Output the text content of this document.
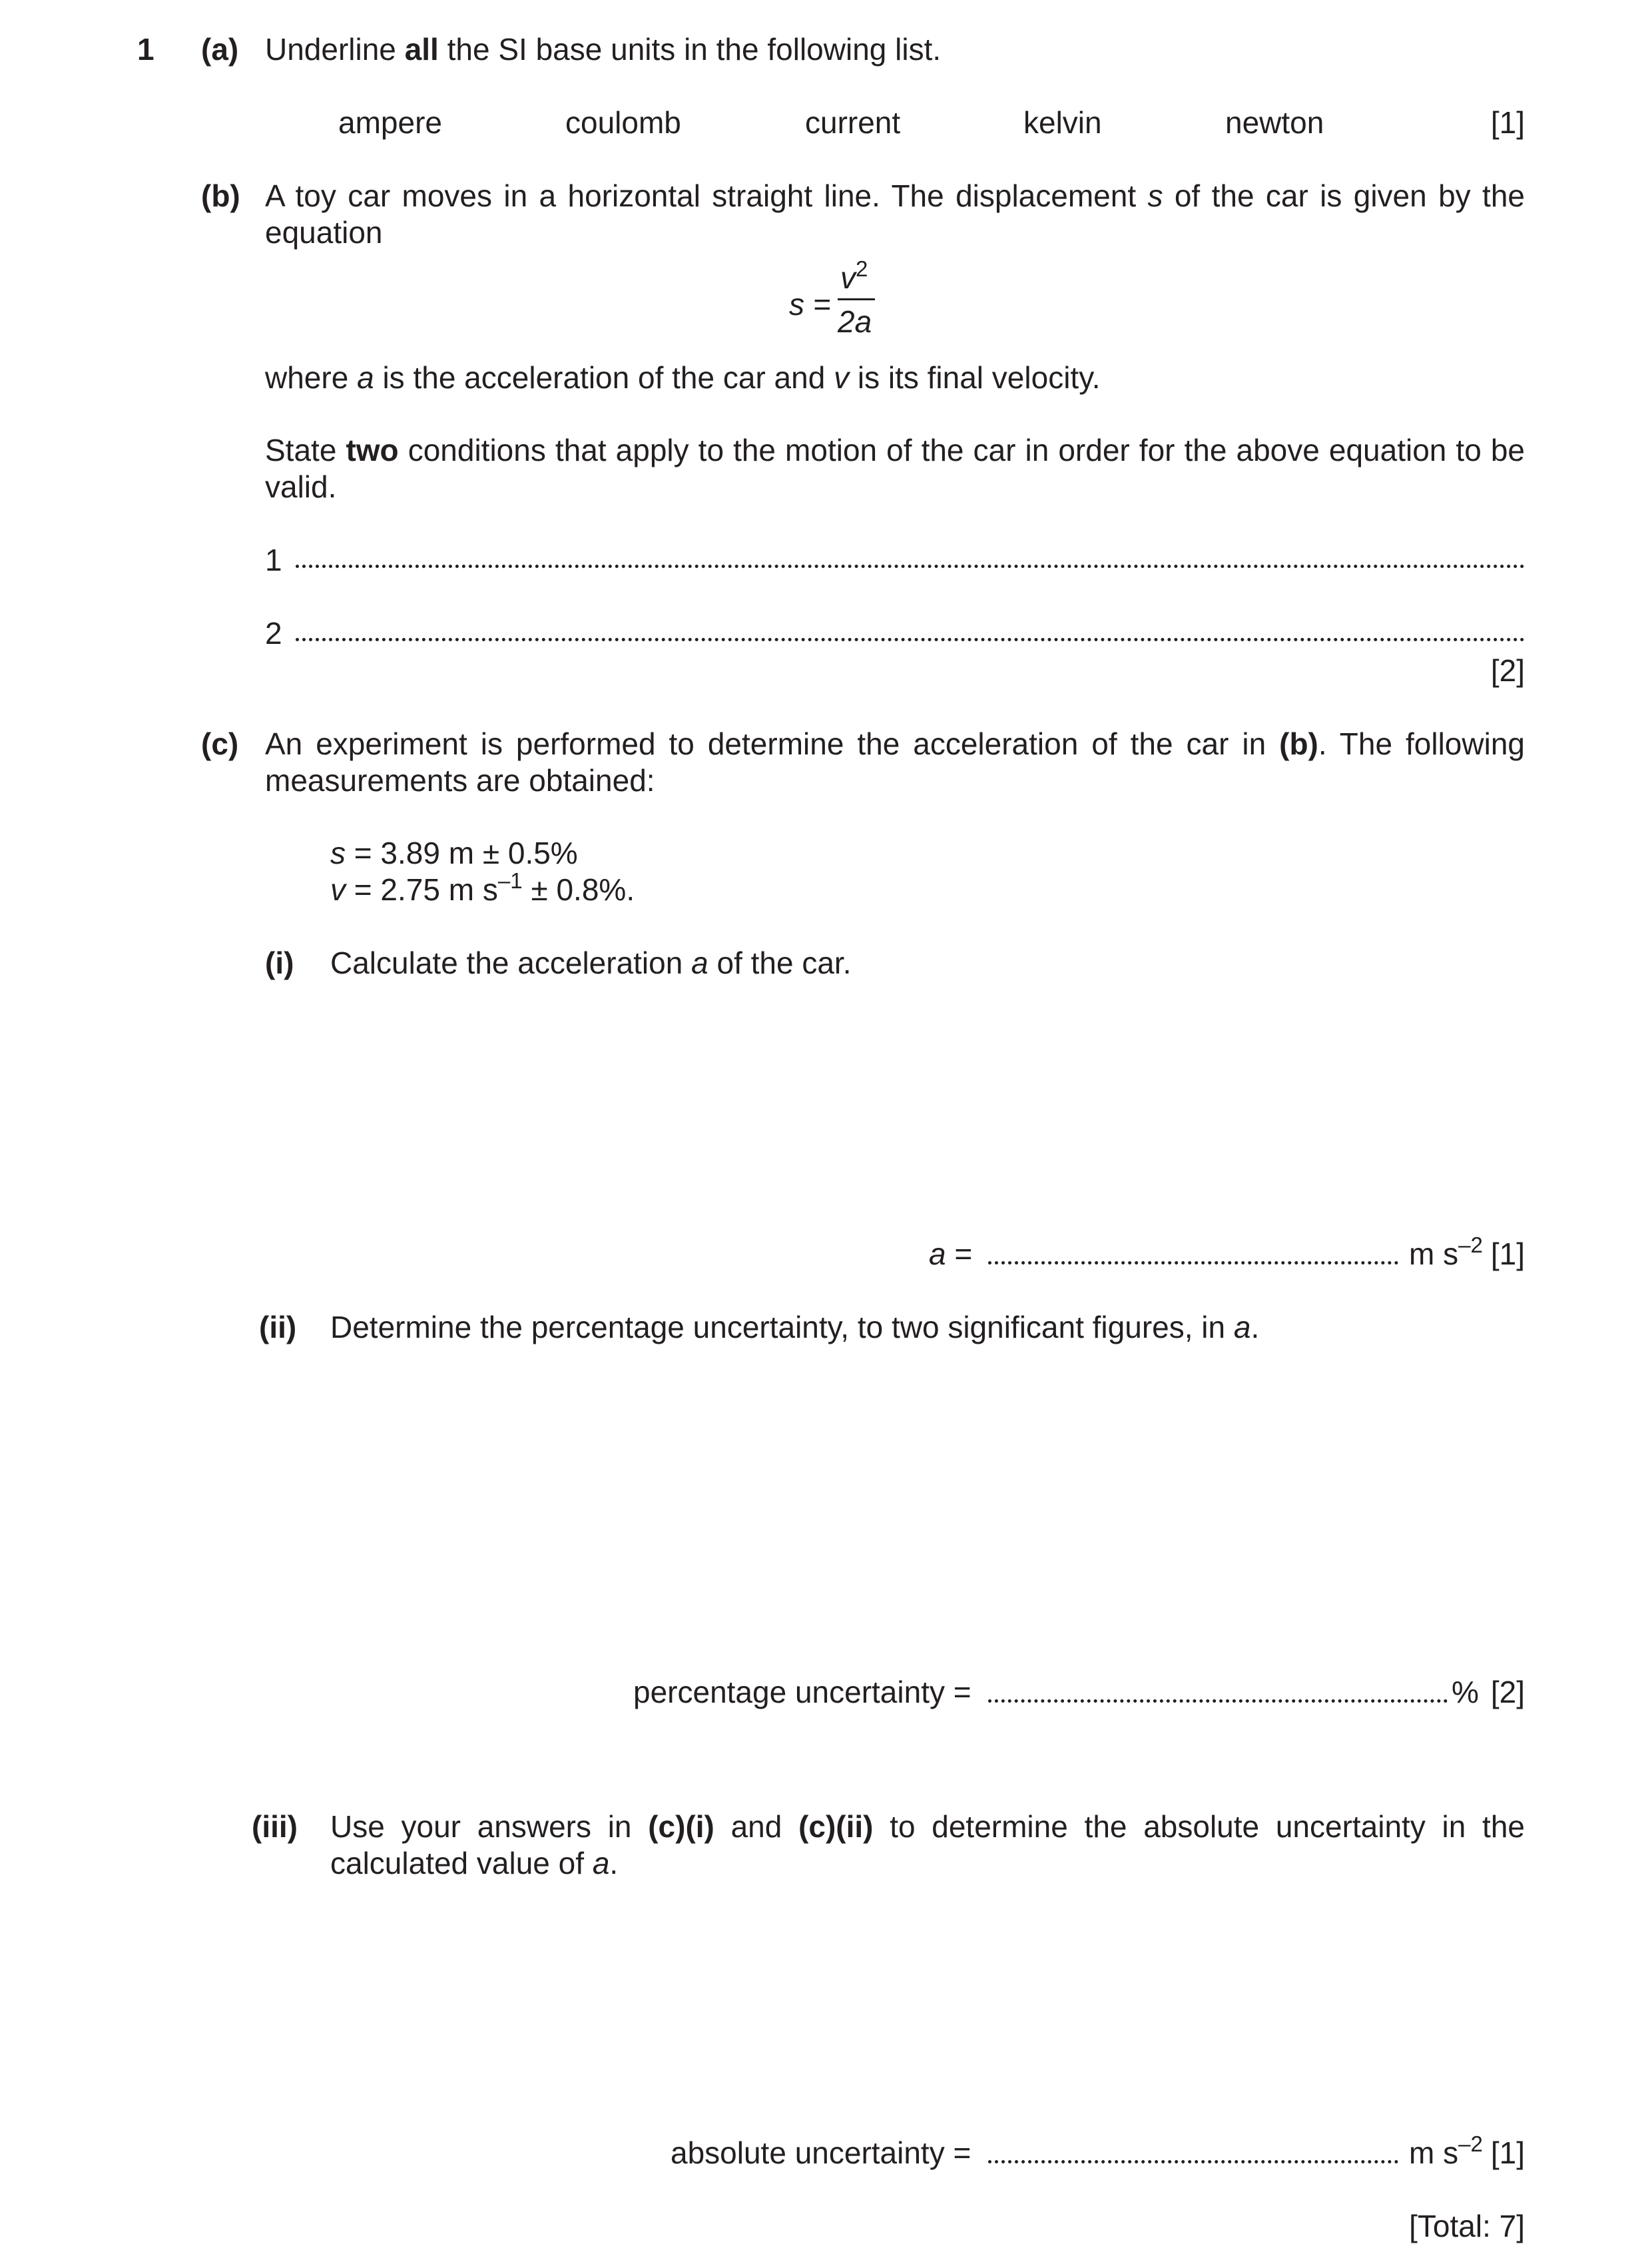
1 (a) Underline all the SI base units in the following list.
ampere	coulomb	current	kelvin	newton	[1]
(b) A toy car moves in a horizontal straight line. The displacement s of the car is given by the equation
s =
$v^2$
2a
where a is the acceleration of the car and v is its final velocity.
State two conditions that apply to the motion of the car in order for the above equation to be valid.
1
2
[2]
(c) An experiment is performed to determine the acceleration of the car in (b). The following measurements are obtained:
s = 3.89 m ± 0.5%
v = 2.75 m $s^{-1} \pm 0.8\%$.
(i) Calculate the acceleration a of the car.
a =	m $s^{-2}$ [1]
(ii) Determine the percentage uncertainty, to two significant figures, in a.
percentage uncertainty =	% [2]
(iii) Use your answers in (c)(i) and (c)(ii) to determine the absolute uncertainty in the calculated value of a.
absolute uncertainty =	m $s^{-2}$ [1]
[Total: 7]
